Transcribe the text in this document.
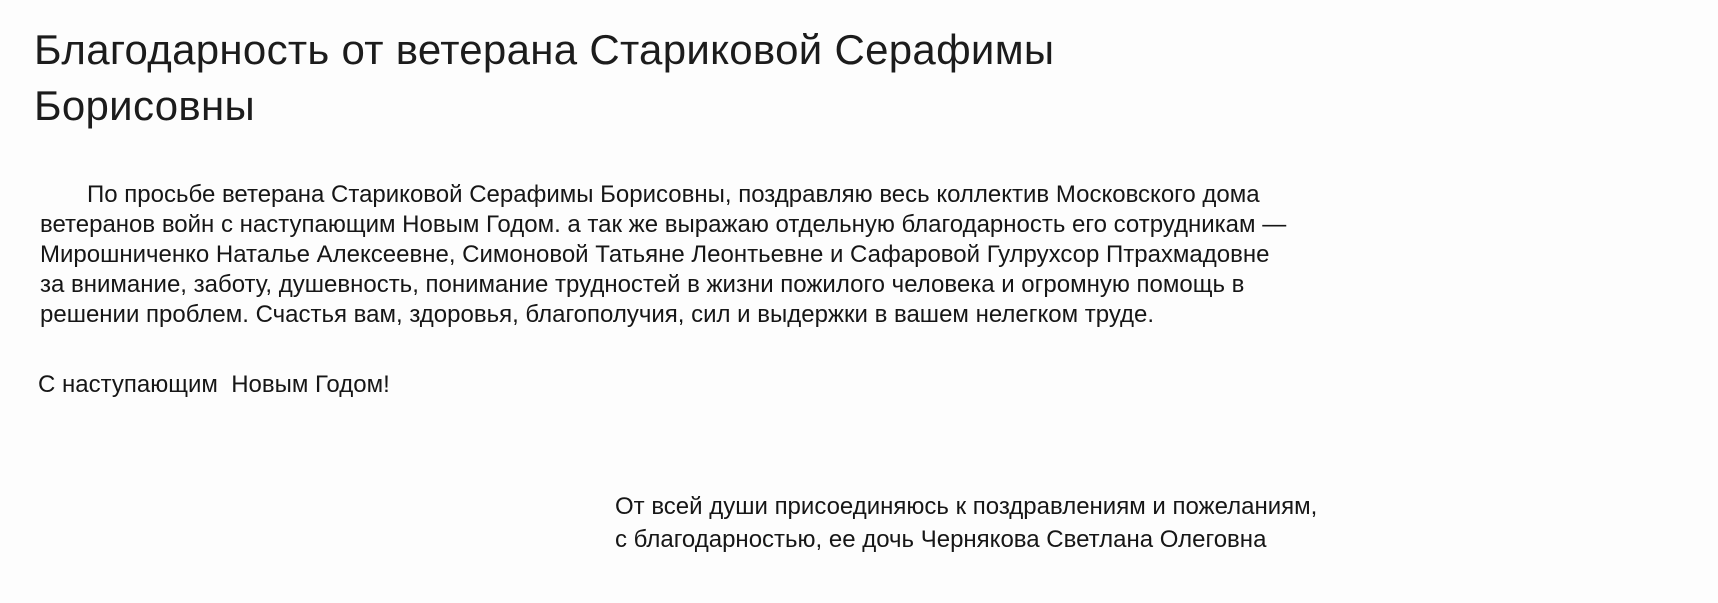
Благодарность от ветерана Стариковой Серафимы
Борисовны

По просьбе ветерана Стариковой Серафимы Борисовны, поздравляю весь коллектив Московского дома
ветеранов войн с наступающим Новым Годом. а так же выражаю отдельную благодарность его сотрудникам —
Мирошниченко Наталье Алексеевне, Симоновой Татьяне Леонтьевне и Сафаровой Гулрухсор Птрахмадовне
за внимание, заботу, душевность, понимание трудностей в жизни пожилого человека и огромную помощь в
решении проблем. Счастья вам, здоровья, благополучия, сил и выдержки в вашем нелегком труде.

С наступающим  Новым Годом!

От всей души присоединяюсь к поздравлениям и пожеланиям,
с благодарностью, ее дочь Чернякова Светлана Олеговна
